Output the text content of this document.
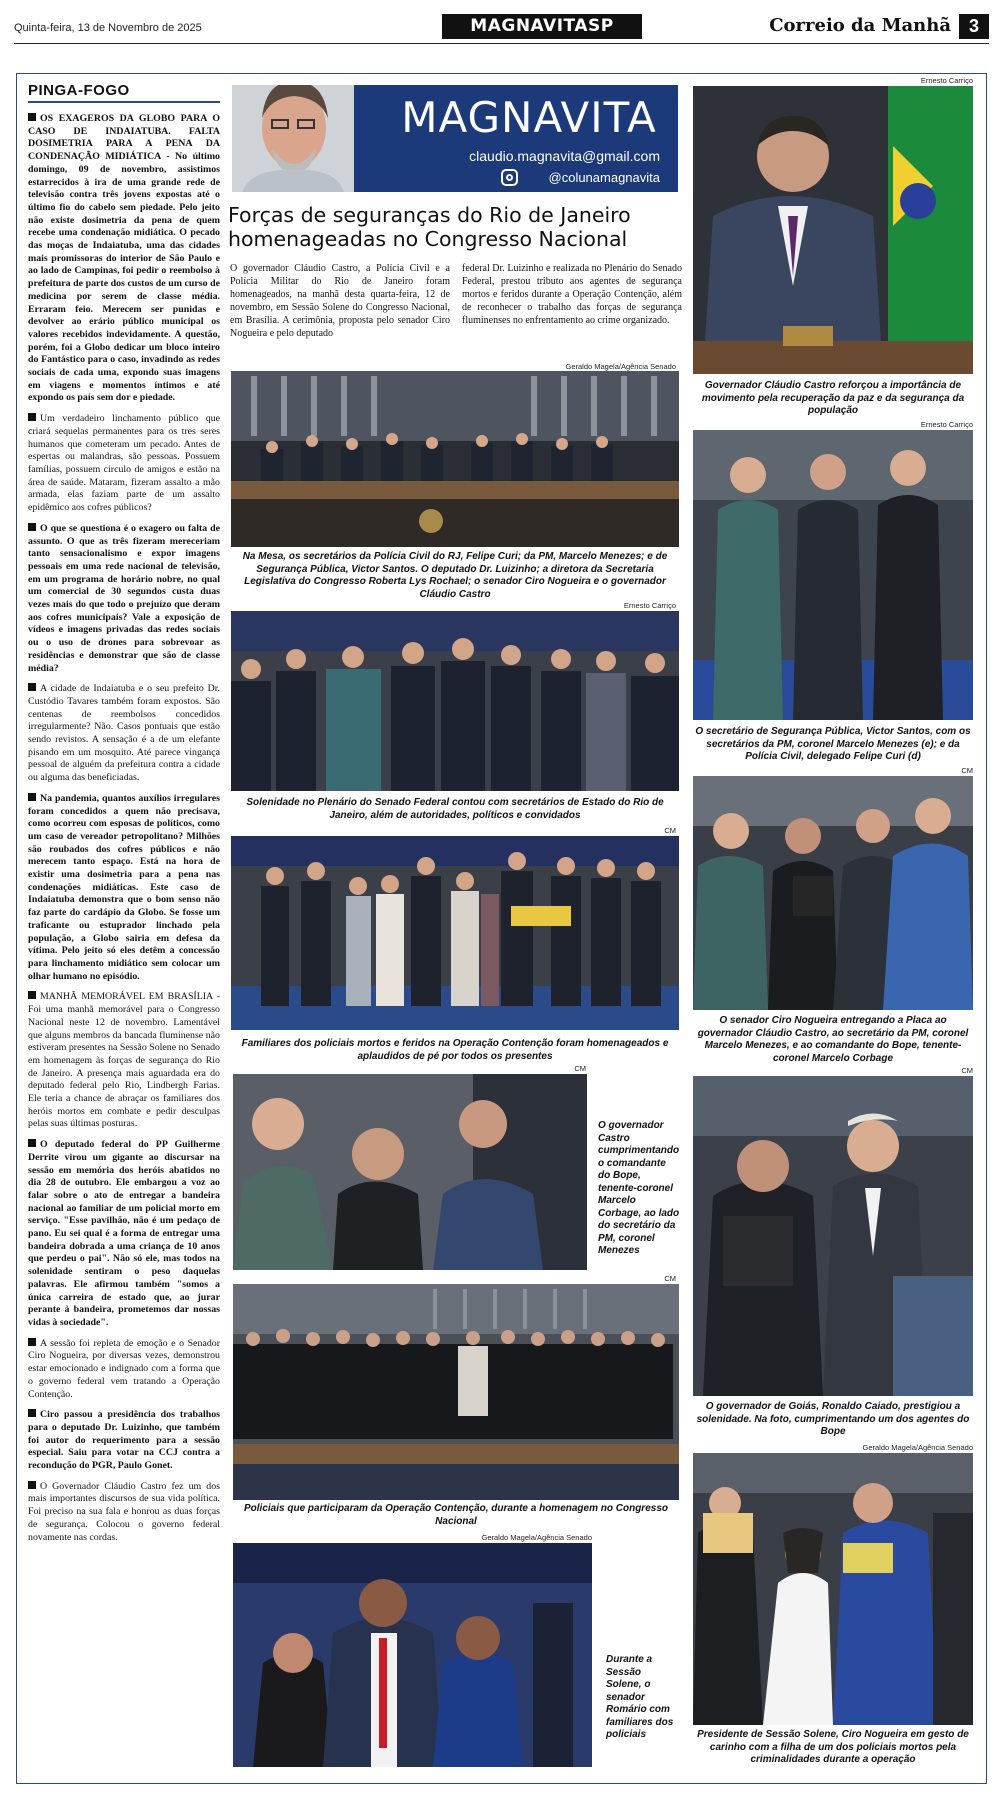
Quinta-feira, 13 de Novembro de 2025	MAGNAVITASP	Correio da Manhã 3
PINGA-FOGO

OS EXAGEROS DA GLOBO PARA O CASO DE INDAIATUBA. FALTA DOSIMETRIA PARA A PENA DA CONDENAÇÃO MIDIÁTICA - No último domingo, 09 de novembro, assistimos estarrecidos à ira de uma grande rede de televisão contra três jovens expostas até o último fio do cabelo sem piedade. Pelo jeito não existe dosimetria da pena de quem recebe uma condenação midiática. O pecado das moças de Indaiatuba, uma das cidades mais promissoras do interior de São Paulo e ao lado de Campinas, foi pedir o reembolso à prefeitura de parte dos custos de um curso de medicina por serem de classe média. Erraram feio. Merecem ser punidas e devolver ao erário público municipal os valores recebidos indevidamente. A questão, porém, foi a Globo dedicar um bloco inteiro do Fantástico para o caso, invadindo as redes sociais de cada uma, expondo suas imagens em viagens e momentos íntimos e até expondo os país sem dor e piedade.

Um verdadeiro linchamento público que criará sequelas permanentes para os tres seres humanos que cometeram um pecado. Antes de espertas ou malandras, são pessoas. Possuem famílias, possuem círculo de amigos e estão na área de saúde. Mataram, fizeram assalto a mão armada, elas faziam parte de um assalto epidêmico aos cofres públicos?

O que se questiona é o exagero ou falta de assunto. O que as três fizeram mereceriam tanto sensacionalismo e expor imagens pessoais em uma rede nacional de televisão, em um programa de horário nobre, no qual um comercial de 30 segundos custa duas vezes mais do que todo o prejuízo que deram aos cofres municipais? Vale a exposição de vídeos e imagens privadas das redes sociais ou o uso de drones para sobrevoar as residências e demonstrar que são de classe média?

A cidade de Indaiatuba e o seu prefeito Dr. Custódio Tavares também foram expostos. São centenas de reembolsos concedidos irregularmente? Não. Casos pontuais que estão sendo revistos. A sensação é a de um elefante pisando em um mosquito. Até parece vingança pessoal de alguém da prefeitura contra a cidade ou alguma das beneficiadas.

Na pandemia, quantos auxílios irregulares foram concedidos a quem não precisava, como ocorreu com esposas de políticos, como um caso de vereador petropolitano? Milhões são roubados dos cofres públicos e não merecem tanto espaço. Está na hora de existir uma dosimetria para a pena nas condenações midiáticas. Este caso de Indaiatuba demonstra que o bom senso não faz parte do cardápio da Globo. Se fosse um traficante ou estuprador linchado pela população, a Globo sairia em defesa da vítima. Pelo jeito só eles detêm a concessão para linchamento midiático sem colocar um olhar humano no episódio.

MANHÃ MEMORÁVEL EM BRASÍLIA - Foi uma manhã memorável para o Congresso Nacional neste 12 de novembro. Lamentável que alguns membros da bancada fluminense não estiveram presentes na Sessão Solene no Senado em homenagem às forças de segurança do Rio de Janeiro. A presença mais aguardada era do deputado federal pelo Rio, Lindbergh Farias. Ele teria a chance de abraçar os familiares dos heróis mortos em combate e pedir desculpas pelas suas últimas posturas.

O deputado federal do PP Guilherme Derrite virou um gigante ao discursar na sessão em memória dos heróis abatidos no dia 28 de outubro. Ele embargou a voz ao falar sobre o ato de entregar a bandeira nacional ao familiar de um policial morto em serviço. "Esse pavilhão, não é um pedaço de pano. Eu sei qual é a forma de entregar uma bandeira dobrada a uma criança de 10 anos que perdeu o pai". Não só ele, mas todos na solenidade sentiram o peso daquelas palavras. Ele afirmou também "somos a única carreira de estado que, ao jurar perante à bandeira, prometemos dar nossas vidas à sociedade".

A sessão foi repleta de emoção e o Senador Ciro Nogueira, por diversas vezes, demonstrou estar emocionado e indignado com a forma que o governo federal vem tratando a Operação Contenção.

Ciro passou a presidência dos trabalhos para o deputado Dr. Luizinho, que também foi autor do requerimento para a sessão especial. Saiu para votar na CCJ contra a recondução do PGR, Paulo Gonet.

O Governador Cláudio Castro fez um dos mais importantes discursos de sua vida política. Foi preciso na sua fala e honrou as duas forças de segurança. Colocou o governo federal novamente nas cordas.

MAGNAVITA
claudio.magnavita@gmail.com
@colunamagnavita
Forças de seguranças do Rio de Janeiro homenageadas no Congresso Nacional
O governador Cláudio Castro, a Polícia Civil e a Polícia Militar do Rio de Janeiro foram homenageados, na manhã desta quarta-feira, 12 de novembro, em Sessão Solene do Congresso Nacional, em Brasília. A cerimônia, proposta pelo senador Ciro Nogueira e pelo deputado
federal Dr. Luizinho e realizada no Plenário do Senado Federal, prestou tributo aos agentes de segurança mortos e feridos durante a Operação Contenção, além de reconhecer o trabalho das forças de segurança fluminenses no enfrentamento ao crime organizado.
Geraldo Magela/Agência Senado
Na Mesa, os secretários da Polícia Civil do RJ, Felipe Curi; da PM, Marcelo Menezes; e de Segurança Pública, Victor Santos. O deputado Dr. Luizinho; a diretora da Secretaria Legislativa do Congresso Roberta Lys Rochael; o senador Ciro Nogueira e o governador Cláudio Castro
Ernesto Carriço
Solenidade no Plenário do Senado Federal contou com secretários de Estado do Rio de Janeiro, além de autoridades, políticos e convidados
CM
Familiares dos policiais mortos e feridos na Operação Contenção foram homenageados e aplaudidos de pé por todos os presentes
CM
O governador Castro cumprimentando o comandante do Bope, tenente-coronel Marcelo Corbage, ao lado do secretário da PM, coronel Menezes
CM
Policiais que participaram da Operação Contenção, durante a homenagem no Congresso Nacional
Geraldo Magela/Agência Senado
Durante a Sessão Solene, o senador Romário com familiares dos policiais
Ernesto Carriço
Governador Cláudio Castro reforçou a importância de movimento pela recuperação da paz e da segurança da população
Ernesto Carriço
O secretário de Segurança Pública, Victor Santos, com os secretários da PM, coronel Marcelo Menezes (e); e da Polícia Civil, delegado Felipe Curi (d)
CM
O senador Ciro Nogueira entregando a Placa ao governador Cláudio Castro, ao secretário da PM, coronel Marcelo Menezes, e ao comandante do Bope, tenente-coronel Marcelo Corbage
CM
O governador de Goiás, Ronaldo Caiado, prestigiou a solenidade. Na foto, cumprimentando um dos agentes do Bope
Geraldo Magela/Agência Senado
Presidente de Sessão Solene, Ciro Nogueira em gesto de carinho com a filha de um dos policiais mortos pela criminalidades durante a operação
